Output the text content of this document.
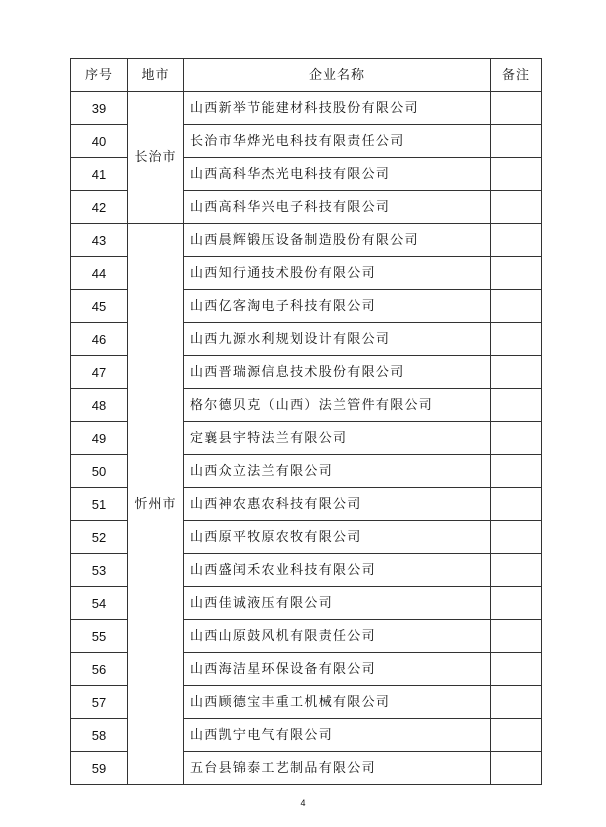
序号	地市	企业名称	备注
39	长治市	山西新举节能建材科技股份有限公司	
40		长治市华烨光电科技有限责任公司	
41		山西高科华杰光电科技有限公司	
42		山西高科华兴电子科技有限公司	
43	忻州市	山西晨辉锻压设备制造股份有限公司	
44		山西知行通技术股份有限公司	
45		山西亿客淘电子科技有限公司	
46		山西九源水利规划设计有限公司	
47		山西晋瑞源信息技术股份有限公司	
48		格尔德贝克（山西）法兰管件有限公司	
49		定襄县宇特法兰有限公司	
50		山西众立法兰有限公司	
51		山西神农惠农科技有限公司	
52		山西原平牧原农牧有限公司	
53		山西盛闰禾农业科技有限公司	
54		山西佳诚液压有限公司	
55		山西山原鼓风机有限责任公司	
56		山西海洁星环保设备有限公司	
57		山西顾德宝丰重工机械有限公司	
58		山西凯宁电气有限公司	
59		五台县锦泰工艺制品有限公司	
4
